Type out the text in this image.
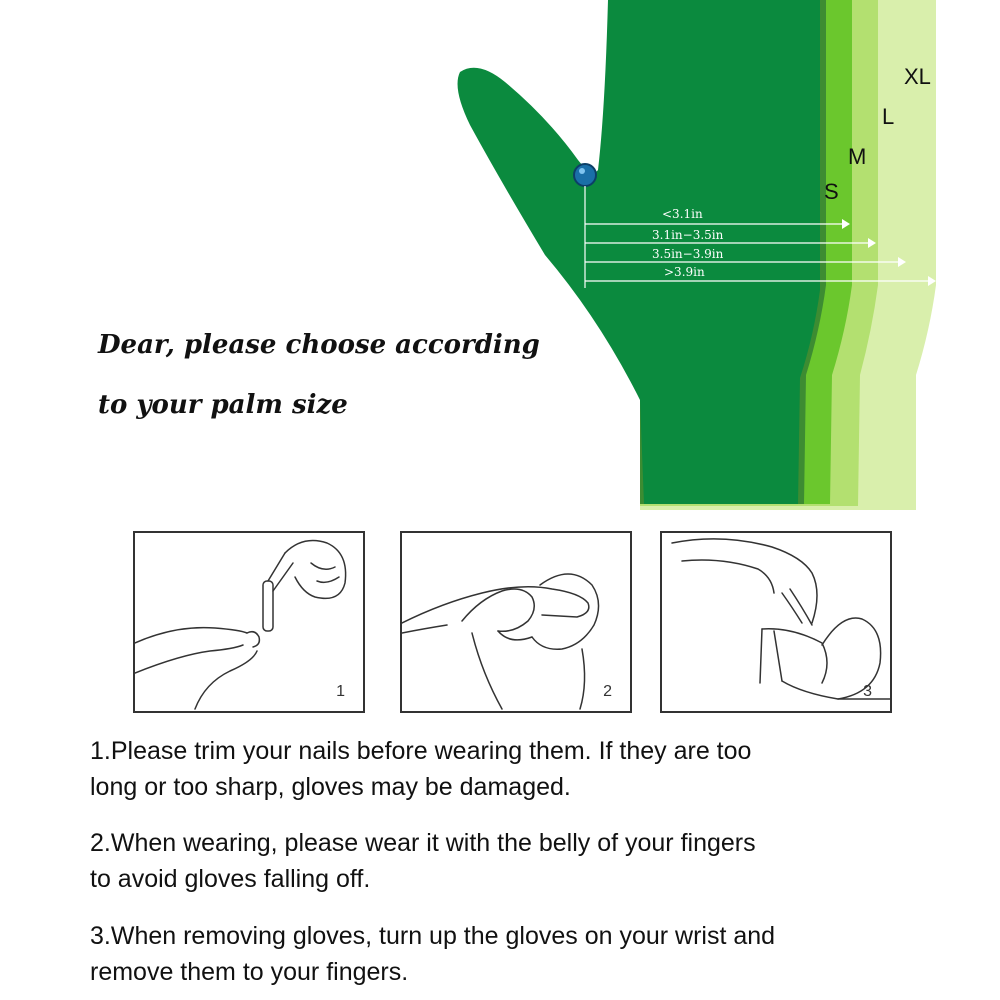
<3.1in
3.1in−3.5in
3.5in−3.9in
>3.9in
S
M
L
XL
Dear, please choose according
to your palm size
1	2	3

1.Please trim your nails before wearing them. If they are too
long or too sharp, gloves may be damaged.

2.When wearing, please wear it with the belly of your fingers
to avoid gloves falling off.

3.When removing gloves, turn up the gloves on your wrist and
remove them to your fingers.
